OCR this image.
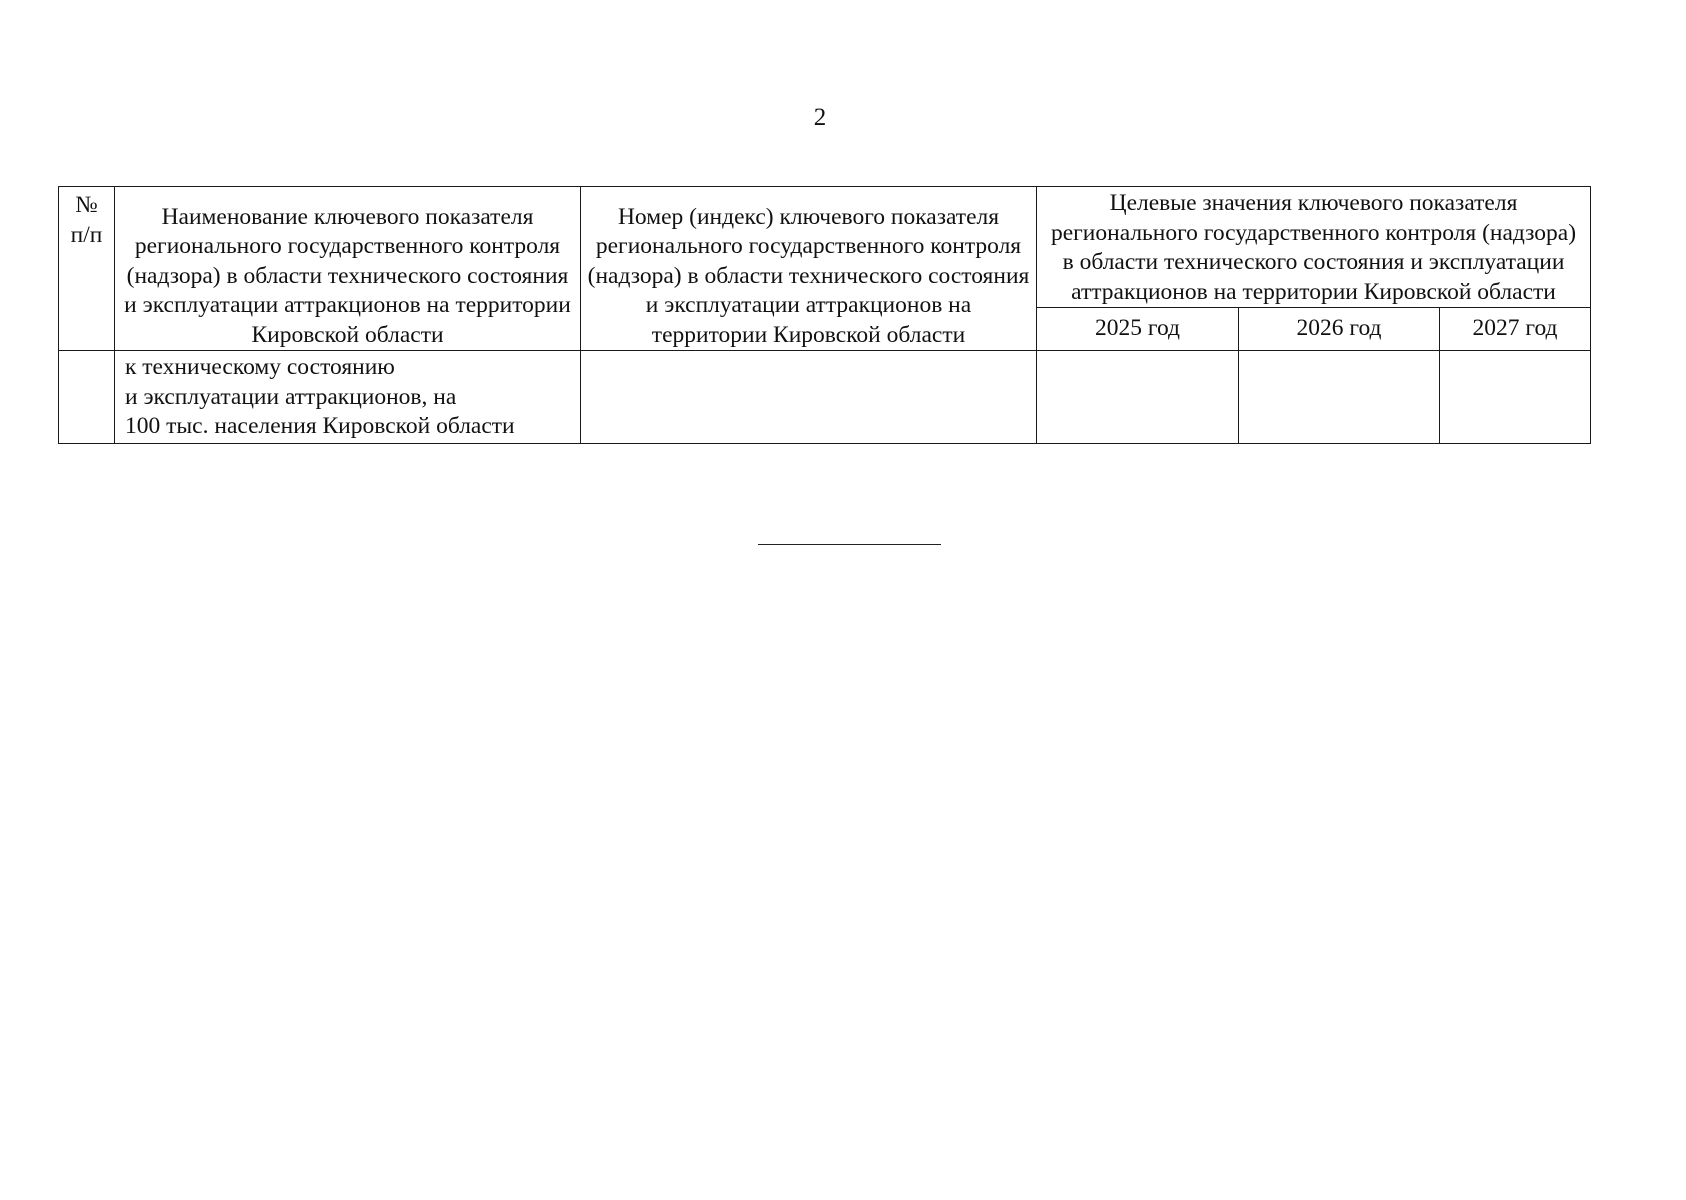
2
№
п/п	Наименование ключевого показателя регионального государственного контроля (надзора) в области технического состояния и эксплуатации аттракционов на территории Кировской области	Номер (индекс) ключевого показателя регионального государственного контроля (надзора) в области технического состояния и эксплуатации аттракционов на территории Кировской области	Целевые значения ключевого показателя регионального государственного контроля (надзора) в области технического состояния и эксплуатации аттракционов на территории Кировской области		
			2025 год	2026 год	2027 год

	к техническому состоянию
и эксплуатации аттракционов, на
100 тыс. населения Кировской области				
